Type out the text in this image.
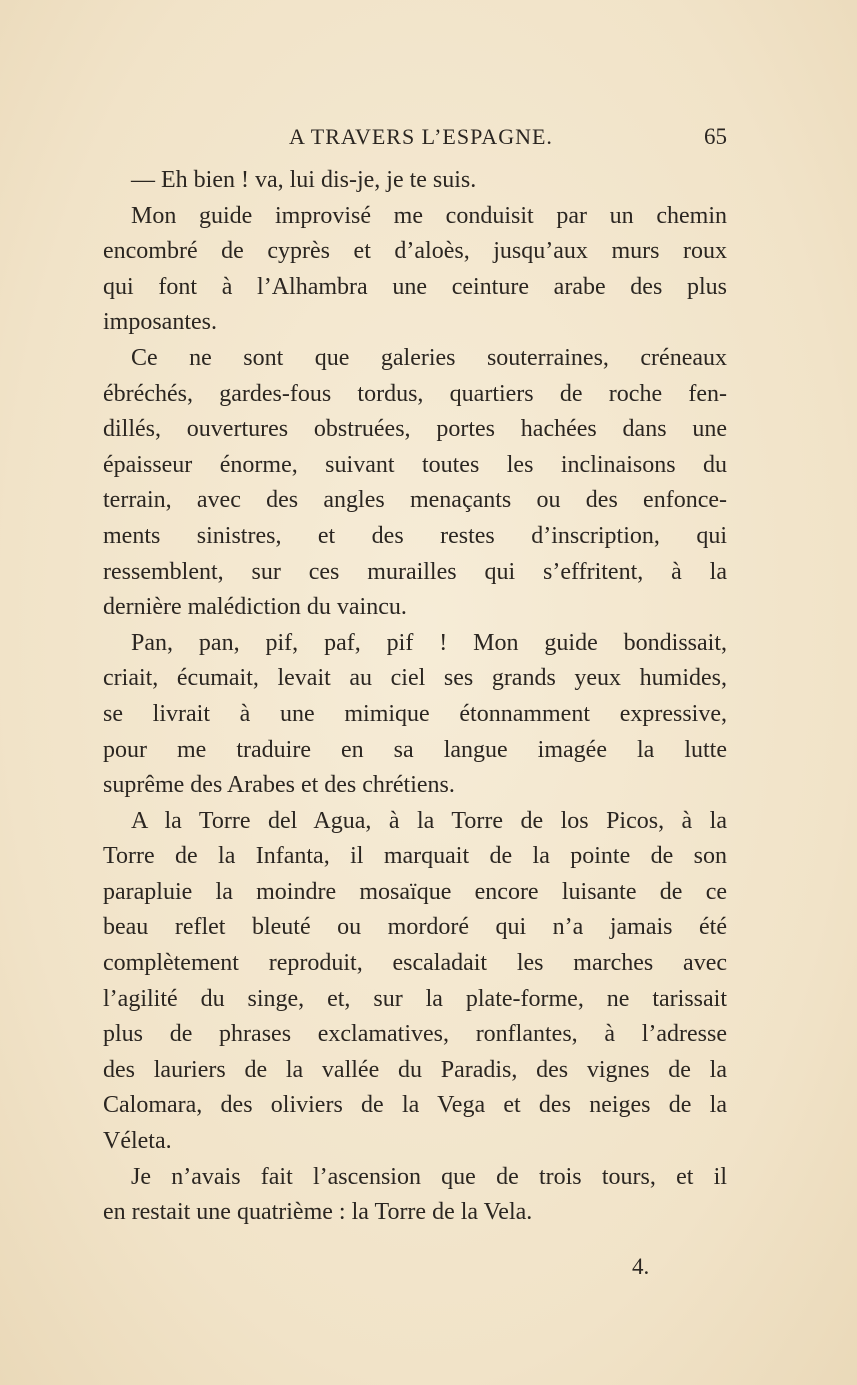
A TRAVERS L’ESPAGNE.	65

— Eh bien ! va, lui dis-je, je te suis.

Mon guide improvisé me conduisit par un chemin
encombré de cyprès et d’aloès, jusqu’aux murs roux
qui font à l’Alhambra une ceinture arabe des plus
imposantes.

Ce ne sont que galeries souterraines, créneaux
ébréchés, gardes-fous tordus, quartiers de roche fen-
dillés, ouvertures obstruées, portes hachées dans une
épaisseur énorme, suivant toutes les inclinaisons du
terrain, avec des angles menaçants ou des enfonce-
ments sinistres, et des restes d’inscription, qui
ressemblent, sur ces murailles qui s’effritent, à la
dernière malédiction du vaincu.

Pan, pan, pif, paf, pif ! Mon guide bondissait,
criait, écumait, levait au ciel ses grands yeux humides,
se livrait à une mimique étonnamment expressive,
pour me traduire en sa langue imagée la lutte
suprême des Arabes et des chrétiens.

A la Torre del Agua, à la Torre de los Picos, à la
Torre de la Infanta, il marquait de la pointe de son
parapluie la moindre mosaïque encore luisante de ce
beau reflet bleuté ou mordoré qui n’a jamais été
complètement reproduit, escaladait les marches avec
l’agilité du singe, et, sur la plate-forme, ne tarissait
plus de phrases exclamatives, ronflantes, à l’adresse
des lauriers de la vallée du Paradis, des vignes de la
Calomara, des oliviers de la Vega et des neiges de la
Véleta.

Je n’avais fait l’ascension que de trois tours, et il
en restait une quatrième : la Torre de la Vela.

4.
